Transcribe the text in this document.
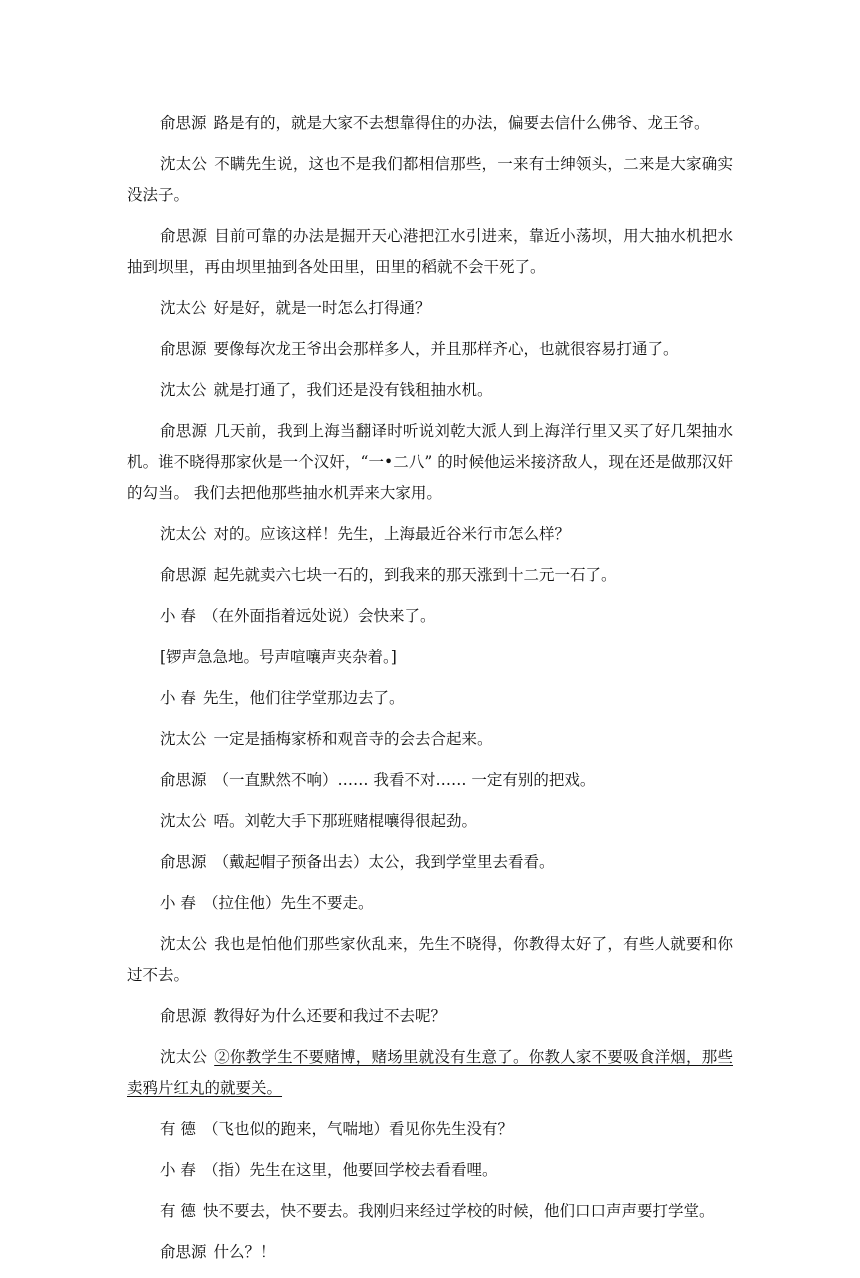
俞思源 路是有的，就是大家不去想靠得住的办法，偏要去信什么佛爷、龙王爷。

沈太公 不瞒先生说，这也不是我们都相信那些，一来有士绅领头，二来是大家确实没法子。

俞思源 目前可靠的办法是掘开天心港把江水引进来，靠近小荡坝，用大抽水机把水抽到坝里，再由坝里抽到各处田里，田里的稻就不会干死了。

沈太公 好是好，就是一时怎么打得通？

俞思源 要像每次龙王爷出会那样多人，并且那样齐心，也就很容易打通了。

沈太公 就是打通了，我们还是没有钱租抽水机。

俞思源 几天前，我到上海当翻译时听说刘乾大派人到上海洋行里又买了好几架抽水机。谁不晓得那家伙是一个汉奸，“一•二八” 的时候他运米接济敌人，现在还是做那汉奸的勾当。 我们去把他那些抽水机弄来大家用。

沈太公 对的。应该这样！先生，上海最近谷米行市怎么样？

俞思源 起先就卖六七块一石的，到我来的那天涨到十二元一石了。

小 春 （在外面指着远处说）会快来了。

[锣声急急地。号声喧嚷声夹杂着。]

小 春 先生，他们往学堂那边去了。

沈太公 一定是插梅家桥和观音寺的会去合起来。

俞思源 （一直默然不响）…… 我看不对…… 一定有别的把戏。

沈太公 唔。刘乾大手下那班赌棍嚷得很起劲。

俞思源 （戴起帽子预备出去）太公，我到学堂里去看看。

小 春 （拉住他）先生不要走。

沈太公 我也是怕他们那些家伙乱来，先生不晓得，你教得太好了，有些人就要和你过不去。

俞思源 教得好为什么还要和我过不去呢？

沈太公 ②你教学生不要赌博，赌场里就没有生意了。你教人家不要吸食洋烟，那些卖鸦片红丸的就要关。

有 德 （飞也似的跑来，气喘地）看见你先生没有？

小 春 （指）先生在这里，他要回学校去看看哩。

有 德 快不要去，快不要去。我刚归来经过学校的时候，他们口口声声要打学堂。

俞思源 什么？！
